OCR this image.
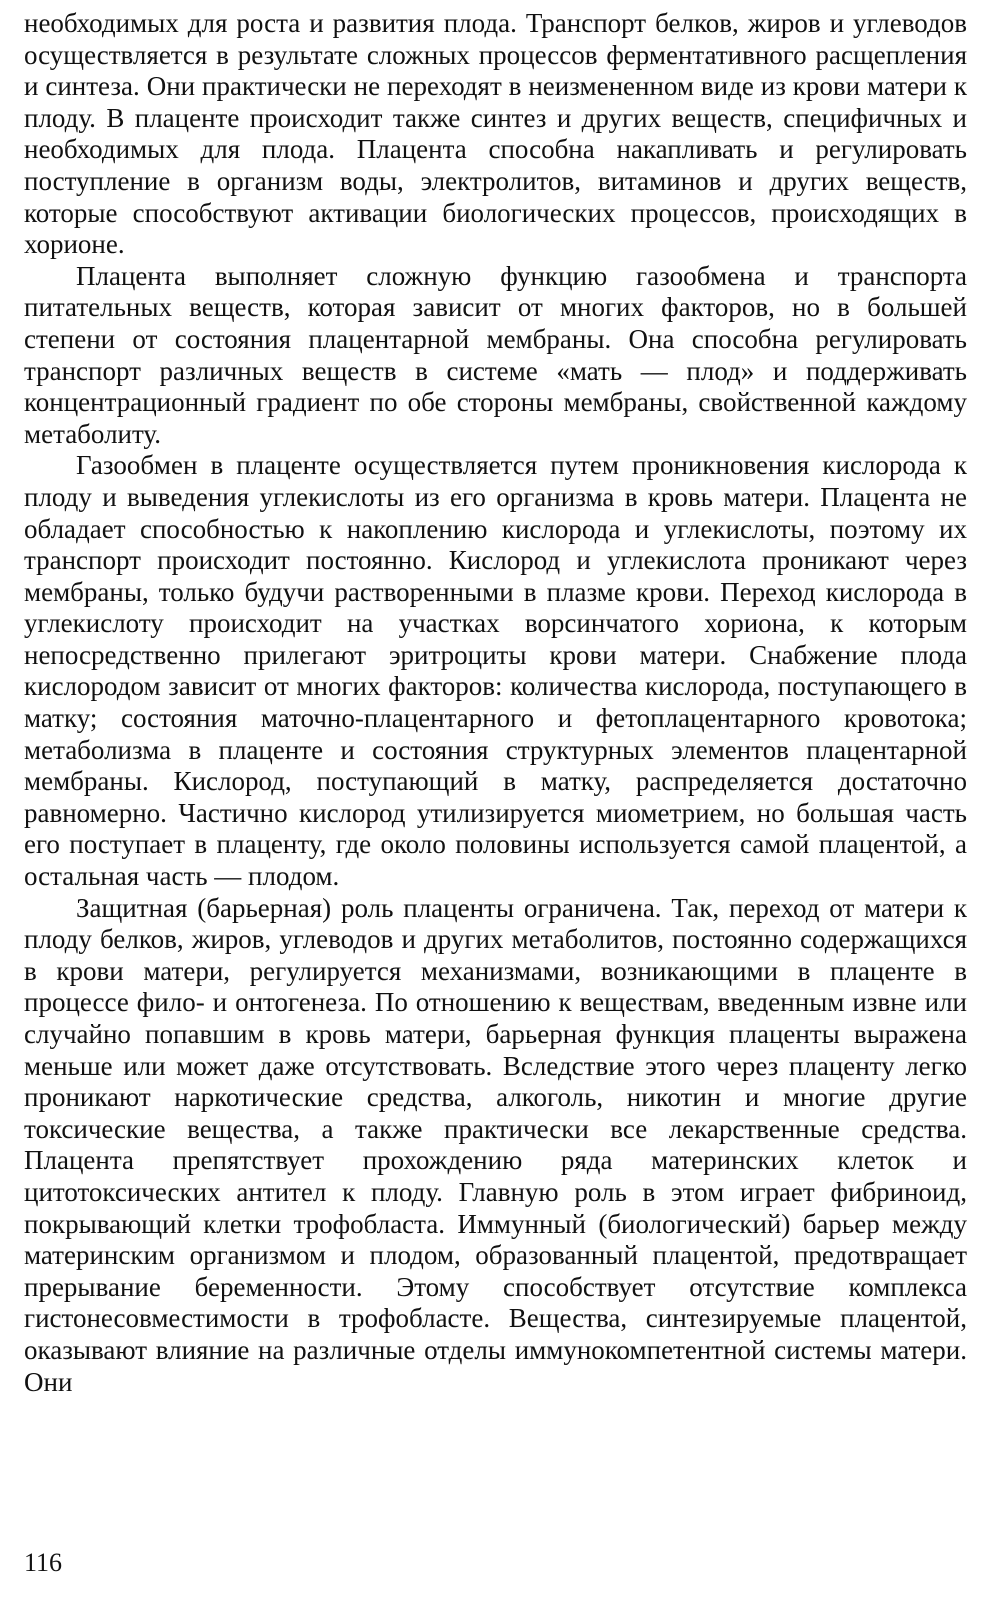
необходимых для роста и развития плода. Транспорт белков, жиров и углеводов осуществляется в результате сложных процессов ферментативного расщепления и синтеза. Они практически не переходят в неизмененном виде из крови матери к плоду. В плаценте происходит также синтез и других веществ, специфичных и необходимых для плода. Плацента способна накапливать и регулировать поступление в организм воды, электролитов, витаминов и других веществ, которые способствуют активации биологических процессов, происходящих в хорионе.

Плацента выполняет сложную функцию газообмена и транспорта питательных веществ, которая зависит от многих факторов, но в большей степени от состояния плацентарной мембраны. Она способна регулировать транспорт различных веществ в системе «мать — плод» и поддерживать концентрационный градиент по обе стороны мембраны, свойственной каждому метаболиту.

Газообмен в плаценте осуществляется путем проникновения кислорода к плоду и выведения углекислоты из его организма в кровь матери. Плацента не обладает способностью к накоплению кислорода и углекислоты, поэтому их транспорт происходит постоянно. Кислород и углекислота проникают через мембраны, только будучи растворенными в плазме крови. Переход кислорода в углекислоту происходит на участках ворсинчатого хориона, к которым непосредственно прилегают эритроциты крови матери. Снабжение плода кислородом зависит от многих факторов: количества кислорода, поступающего в матку; состояния маточно-плацентарного и фетоплацентарного кровотока; метаболизма в плаценте и состояния структурных элементов плацентарной мембраны. Кислород, поступающий в матку, распределяется достаточно равномерно. Частично кислород утилизируется миометрием, но большая часть его поступает в плаценту, где около половины используется самой плацентой, а остальная часть — плодом.

Защитная (барьерная) роль плаценты ограничена. Так, переход от матери к плоду белков, жиров, углеводов и других метаболитов, постоянно содержащихся в крови матери, регулируется механизмами, возникающими в плаценте в процессе фило- и онтогенеза. По отношению к веществам, введенным извне или случайно попавшим в кровь матери, барьерная функция плаценты выражена меньше или может даже отсутствовать. Вследствие этого через плаценту легко проникают наркотические средства, алкоголь, никотин и многие другие токсические вещества, а также практически все лекарственные средства. Плацента препятствует прохождению ряда материнских клеток и цитотоксических антител к плоду. Главную роль в этом играет фибриноид, покрывающий клетки трофобласта. Иммунный (биологический) барьер между материнским организмом и плодом, образованный плацентой, предотвращает прерывание беременности. Этому способствует отсутствие комплекса гистонесовместимости в трофобласте. Вещества, синтезируемые плацентой, оказывают влияние на различные отделы иммунокомпетентной системы матери. Они

116
